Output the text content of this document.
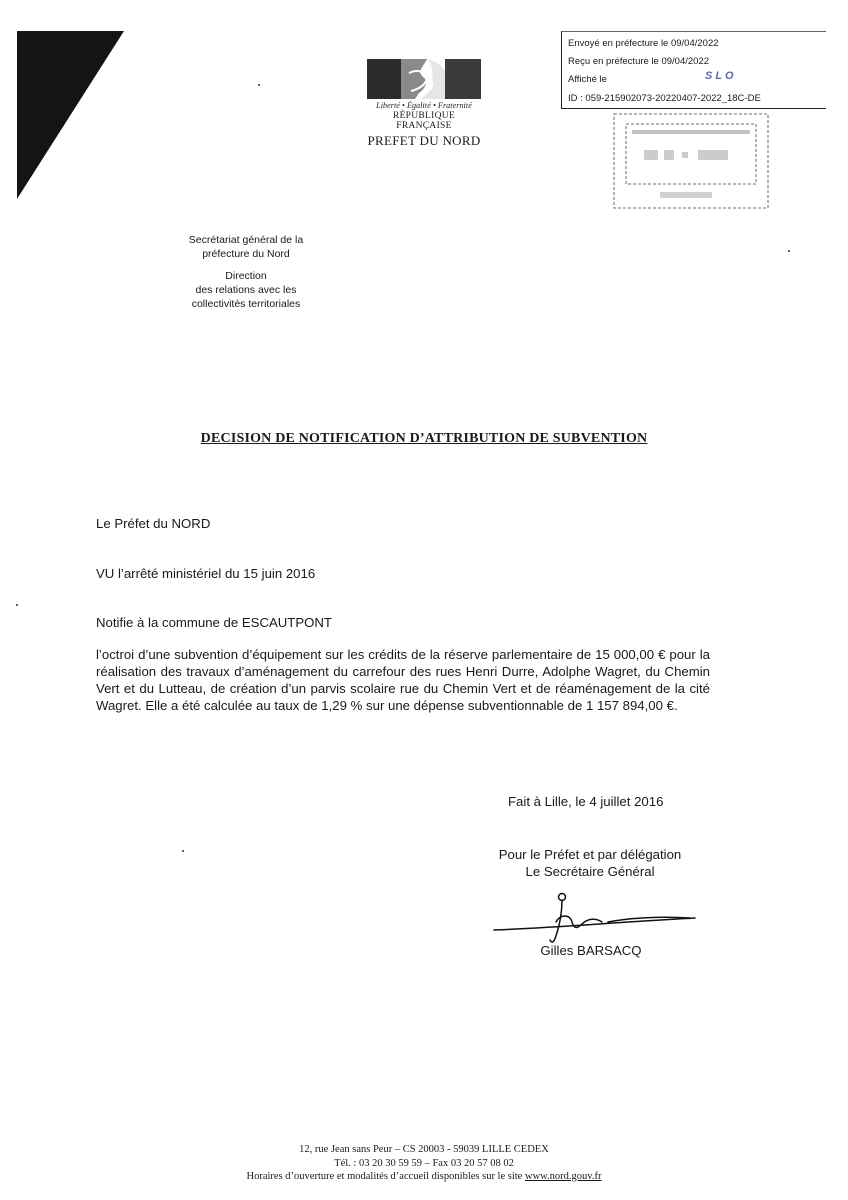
Liberté • Égalité • Fraternité
RÉPUBLIQUE FRANÇAISE
PREFET DU NORD
Envoyé en préfecture le 09/04/2022
Reçu en préfecture le 09/04/2022
Affiché le	SLO
ID : 059-215902073-20220407-2022_18C-DE
Secrétariat général de la
préfecture du Nord
Direction
des relations avec les
collectivités territoriales
DECISION DE NOTIFICATION D’ATTRIBUTION DE SUBVENTION
Le Préfet du NORD
VU l’arrêté ministériel du 15 juin 2016
Notifie à la commune de ESCAUTPONT
l’octroi d’une subvention d’équipement sur les crédits de la réserve parlementaire de 15 000,00 € pour la réalisation des travaux d’aménagement du carrefour des rues Henri Durre, Adolphe Wagret, du Chemin Vert et du Lutteau, de création d’un parvis scolaire rue du Chemin Vert et de réaménagement de la cité Wagret. Elle a été calculée au taux de 1,29 % sur une dépense subventionnable de 1 157 894,00 €.
Fait à Lille, le 4 juillet 2016
Pour le Préfet et par délégation
Le Secrétaire Général
Gilles BARSACQ
12, rue Jean sans Peur – CS 20003 - 59039 LILLE CEDEX
Tél. : 03 20 30 59 59 – Fax 03 20 57 08 02
Horaires d’ouverture et modalités d’accueil disponibles sur le site www.nord.gouv.fr
